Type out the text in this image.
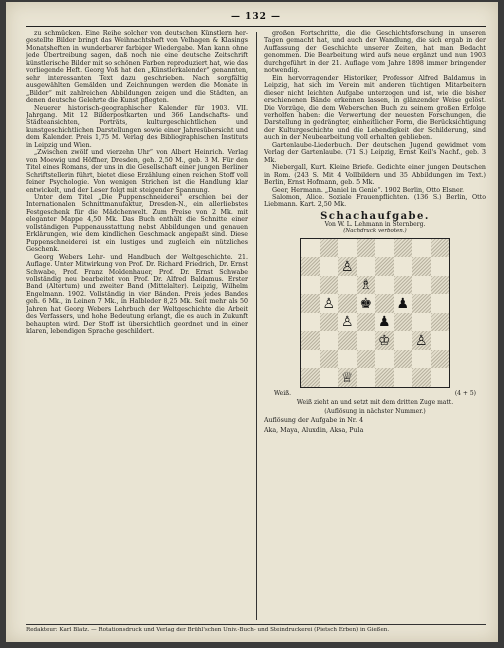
— 132 —

zu schmücken. Eine Reihe solcher von deutschen Künstlern her-gestellte Bilder bringt das Weihnachtsheft von Velhagen & Klasings Monatsheften in wunderbarer farbiger Wiedergabe. Man kann ohne jede Übertreibung sagen, daß noch nie eine deutsche Zeitschrift künstlerische Bilder mit so schönen Farben reproduziert hat, wie das vorliegende Heft. Georg Voß hat den „Künstlerkalender“ genannten, sehr interessanten Text dazu geschrieben. Nach sorgfältig ausgewählten Gemälden und Zeichnungen werden die Monate in „Bilder“ mit zahlreichen Abbildungen zeigen und die Städten, an denen deutsche Gelehrte die Kunst pflegten.

Neuerer historisch-geographischer Kalender für 1903. VII. Jahrgang. Mit 12 Bilderpostkarten und 366 Landschafts- und Städteansichten, Porträts, kulturgeschichtlichen und kunstgeschichtlichen Darstellungen sowie einer Jahresübersicht und dem Kalender. Preis 1,75 M. Verlag des Bibliographischen Instituts in Leipzig und Wien.

„Zwischen zwölf und vierzehn Uhr“ von Albert Heinrich. Verlag von Moewig und Höffner, Dresden, geh. 2,50 M., geb. 3 M. Für den Titel eines Romans, der uns in die Gesellschaft einer jungen Berliner Schriftstellerin führt, bietet diese Erzählung einen reichen Stoff voll feiner Psychologie. Von wenigen Strichen ist die Handlung klar entwickelt, und der Leser folgt mit steigender Spannung.

Unter dem Titel „Die Puppenschneiderei“ erschien bei der Internationalen Schnittmanufaktur, Dresden-N., ein allerliebstes Festgeschenk für die Mädchenwelt. Zum Preise von 2 Mk. mit eleganter Mappe 4,50 Mk. Das Buch enthält die Schnitte einer vollständigen Puppenausstattung nebst Abbildungen und genauen Erklärungen, wie dem kindlichen Geschmack angepaßt sind. Diese Puppenschneiderei ist ein lustiges und zugleich ein nützliches Geschenk.

Georg Webers Lehr- und Handbuch der Weltgeschichte. 21. Auflage. Unter Mitwirkung von Prof. Dr. Richard Friedrich, Dr. Ernst Schwabe, Prof. Franz Moldenhauer, Prof. Dr. Ernst Schwabe vollständig neu bearbeitet von Prof. Dr. Alfred Baldamus. Erster Band (Altertum) und zweiter Band (Mittelalter). Leipzig, Wilhelm Engelmann. 1902. Vollständig in vier Bänden. Preis jedes Bandes geh. 6 Mk., in Leinen 7 Mk., in Halbleder 8,25 Mk. Seit mehr als 50 Jahren hat Georg Webers Lehrbuch der Weltgeschichte die Arbeit des Verfassers, und hohe Bedeutung erlangt, die es auch in Zukunft behaupten wird. Der Stoff ist übersichtlich geordnet und in einer klaren, lebendigen Sprache geschildert.

großen Fortschritte, die die Geschichtsforschung in unseren Tagen gemacht hat, und auch der Wandlung, die sich ergab in der Auffassung der Geschichte unserer Zeiten, hat man Bedacht genommen. Die Bearbeitung wird aufs neue ergänzt und nun 1903 durchgeführt in der 21. Auflage vom Jahre 1898 immer bringender notwendig.

Ein hervorragender Historiker, Professor Alfred Baldamus in Leipzig, hat sich im Verein mit anderen tüchtigen Mitarbeitern dieser nicht leichten Aufgabe unterzogen und ist, wie die bisher erschienenen Bände erkennen lassen, in glänzender Weise gelöst. Die Vorzüge, die dem Weberschen Buch zu seinem großen Erfolge verholfen haben: die Verwertung der neuesten Forschungen, die Darstellung in gedrängter, einheitlicher Form, die Berücksichtigung der Kulturgeschichte und die Lebendigkeit der Schilderung, sind auch in der Neubearbeitung voll erhalten geblieben.

Gartenlaube-Liederbuch. Der deutschen Jugend gewidmet vom Verlag der Gartenlaube. (71 S.) Leipzig, Ernst Keil's Nachf., geb. 3 Mk.

Niebergall, Kurt. Kleine Briefe. Gedichte einer jungen Deutschen in Rom. (243 S. Mit 4 Vollbildern und 35 Abbildungen im Text.) Berlin, Ernst Hofmann, geb. 5 Mk.

Geer, Hermann. „Daniel in Genie“. 1902 Berlin, Otto Elsner.

Salomon, Alice. Soziale Frauenpflichten. (136 S.) Berlin, Otto Liebmann. Kart. 2,50 Mk.

Schachaufgabe.
Von W. L. Lehmann in Sternberg.
(Nachdruck verboten.)
♙
♗
♙ ♚ ♟
♙ ♟
♔ ♙
♕
Weiß.	(4 + 5)
Weiß zieht an und setzt mit dem dritten Zuge matt.
(Auflösung in nächster Nummer.)
Auflösung der Aufgabe in Nr. 4
Aka, Maya, Aluxdin, Aksa, Pula
Redakteur: Karl Blatz. — Rotationsdruck und Verlag der Brühl'schen Univ.-Buch- und Steindruckerei (Pietsch Erben) in Gießen.
